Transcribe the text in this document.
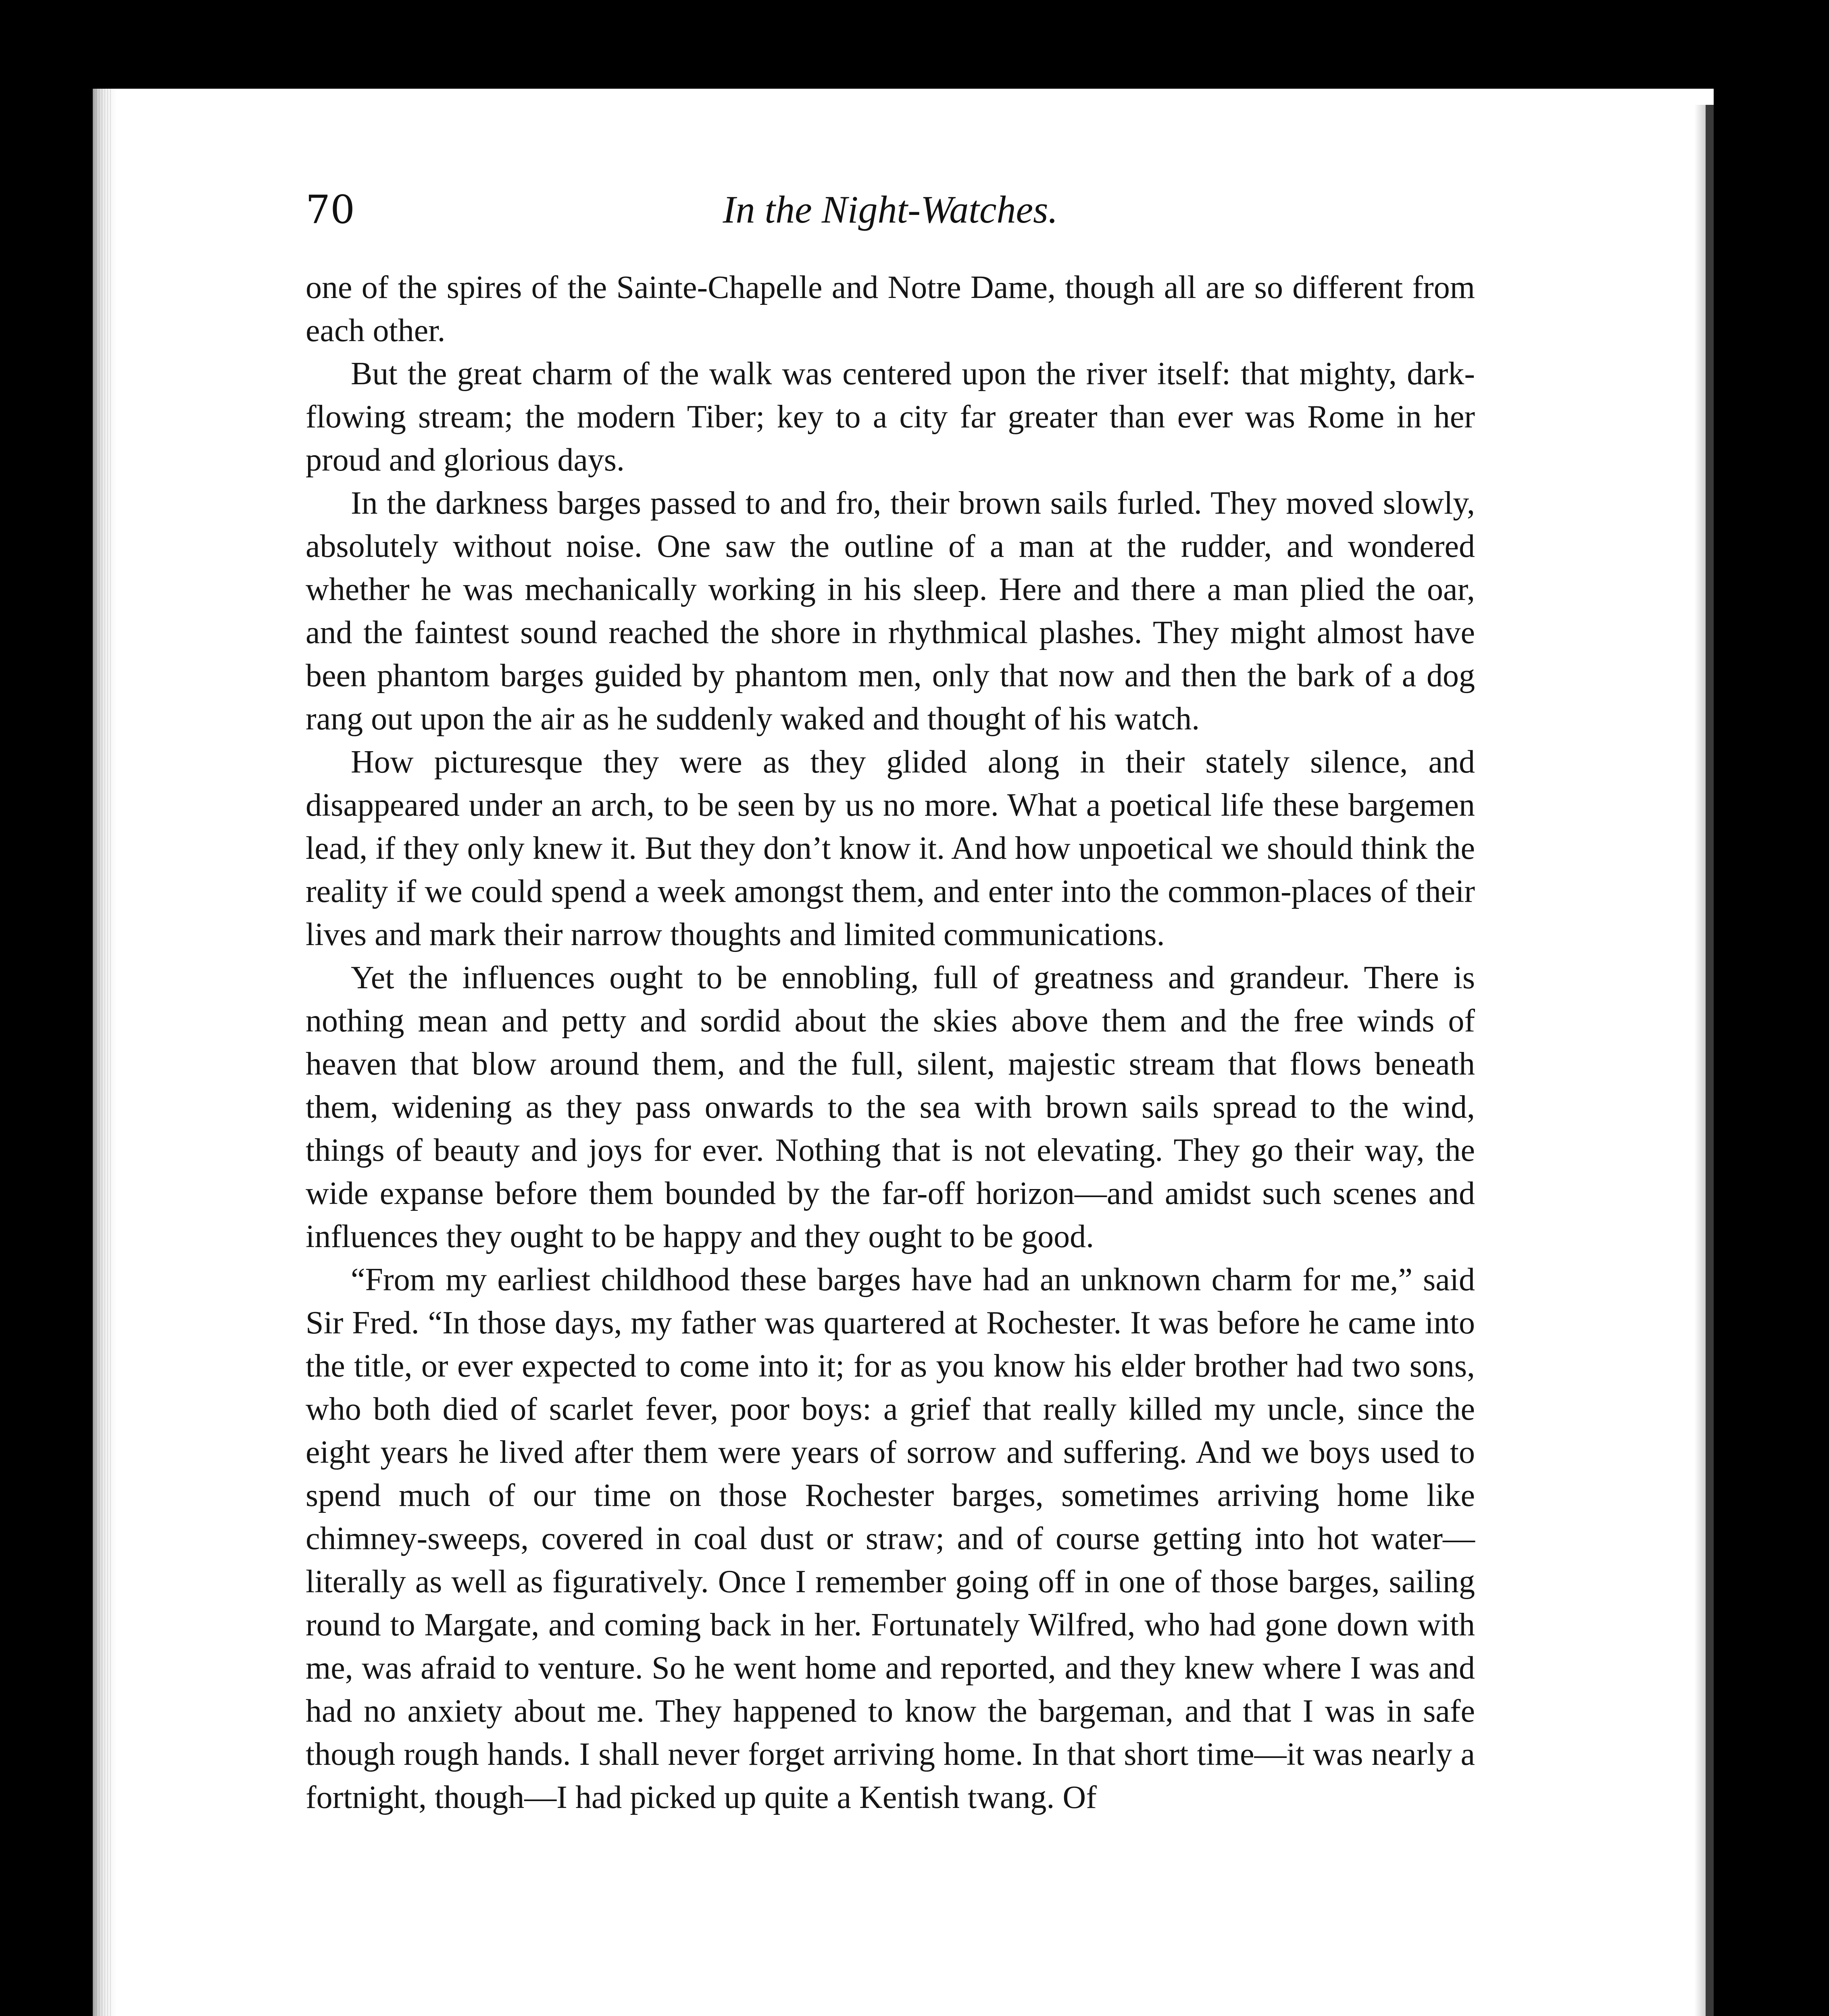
70	In the Night-Watches.

one of the spires of the Sainte-Chapelle and Notre Dame, though all are so different from each other.

But the great charm of the walk was centered upon the river itself: that mighty, dark-flowing stream; the modern Tiber; key to a city far greater than ever was Rome in her proud and glorious days.

In the darkness barges passed to and fro, their brown sails furled. They moved slowly, absolutely without noise. One saw the outline of a man at the rudder, and wondered whether he was mechanically working in his sleep. Here and there a man plied the oar, and the faintest sound reached the shore in rhythmical plashes. They might almost have been phantom barges guided by phantom men, only that now and then the bark of a dog rang out upon the air as he suddenly waked and thought of his watch.

How picturesque they were as they glided along in their stately silence, and disappeared under an arch, to be seen by us no more. What a poetical life these bargemen lead, if they only knew it. But they don’t know it. And how unpoetical we should think the reality if we could spend a week amongst them, and enter into the common-places of their lives and mark their narrow thoughts and limited communications.

Yet the influences ought to be ennobling, full of greatness and grandeur. There is nothing mean and petty and sordid about the skies above them and the free winds of heaven that blow around them, and the full, silent, majestic stream that flows beneath them, widening as they pass onwards to the sea with brown sails spread to the wind, things of beauty and joys for ever. Nothing that is not elevating. They go their way, the wide expanse before them bounded by the far-off horizon—and amidst such scenes and influences they ought to be happy and they ought to be good.

“From my earliest childhood these barges have had an unknown charm for me,” said Sir Fred. “In those days, my father was quartered at Rochester. It was before he came into the title, or ever expected to come into it; for as you know his elder brother had two sons, who both died of scarlet fever, poor boys: a grief that really killed my uncle, since the eight years he lived after them were years of sorrow and suffering. And we boys used to spend much of our time on those Rochester barges, sometimes arriving home like chimney-sweeps, covered in coal dust or straw; and of course getting into hot water—literally as well as figuratively. Once I remember going off in one of those barges, sailing round to Margate, and coming back in her. Fortunately Wilfred, who had gone down with me, was afraid to venture. So he went home and reported, and they knew where I was and had no anxiety about me. They happened to know the bargeman, and that I was in safe though rough hands. I shall never forget arriving home. In that short time—it was nearly a fortnight, though—I had picked up quite a Kentish twang. Of
